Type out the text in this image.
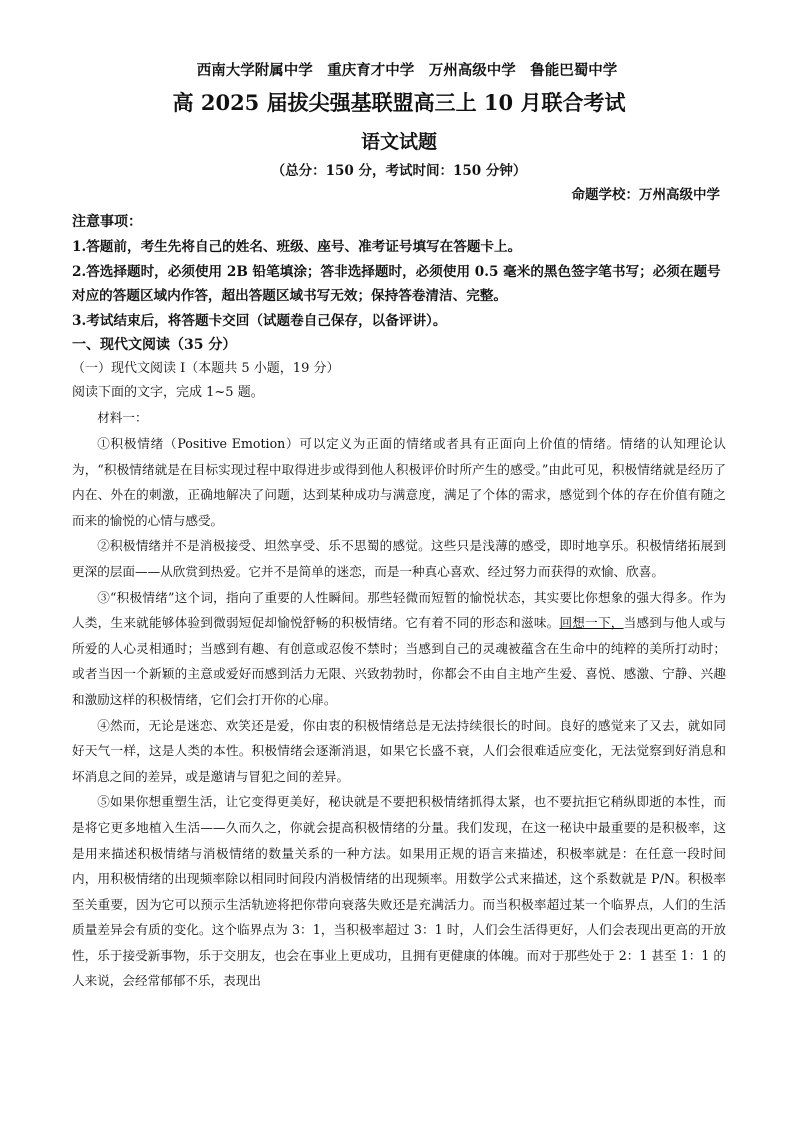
西南大学附属中学　重庆育才中学　万州高级中学　鲁能巴蜀中学
高 2025 届拔尖强基联盟高三上 10 月联合考试
语文试题
（总分：150 分，考试时间：150 分钟）
命题学校：万州高级中学
注意事项：

1.答题前，考生先将自己的姓名、班级、座号、准考证号填写在答题卡上。

2.答选择题时，必须使用 2B 铅笔填涂；答非选择题时，必须使用 0.5 毫米的黑色签字笔书写；必须在题号对应的答题区域内作答，超出答题区域书写无效；保持答卷清洁、完整。

3.考试结束后，将答题卡交回（试题卷自己保存，以备评讲）。

一、现代文阅读（35 分）

（一）现代文阅读 I（本题共 5 小题，19 分）

阅读下面的文字，完成 1~5 题。

材料一：

①积极情绪（Positive Emotion）可以定义为正面的情绪或者具有正面向上价值的情绪。情绪的认知理论认为，“积极情绪就是在目标实现过程中取得进步或得到他人积极评价时所产生的感受。”由此可见，积极情绪就是经历了内在、外在的刺激，正确地解决了问题，达到某种成功与满意度，满足了个体的需求，感觉到个体的存在价值有随之而来的愉悦的心情与感受。

②积极情绪并不是消极接受、坦然享受、乐不思蜀的感觉。这些只是浅薄的感受，即时地享乐。积极情绪拓展到更深的层面——从欣赏到热爱。它并不是简单的迷恋，而是一种真心喜欢、经过努力而获得的欢愉、欣喜。

③“积极情绪”这个词，指向了重要的人性瞬间。那些轻微而短暂的愉悦状态，其实要比你想象的强大得多。作为人类，生来就能够体验到微弱短促却愉悦舒畅的积极情绪。它有着不同的形态和滋味。回想一下，当感到与他人或与所爱的人心灵相通时；当感到有趣、有创意或忍俊不禁时；当感到自己的灵魂被蕴含在生命中的纯粹的美所打动时；或者当因一个新颖的主意或爱好而感到活力无限、兴致勃勃时，你都会不由自主地产生爱、喜悦、感激、宁静、兴趣和激励这样的积极情绪，它们会打开你的心扉。

④然而，无论是迷恋、欢笑还是爱，你由衷的积极情绪总是无法持续很长的时间。良好的感觉来了又去，就如同好天气一样，这是人类的本性。积极情绪会逐渐消退，如果它长盛不衰，人们会很难适应变化，无法觉察到好消息和坏消息之间的差异，或是邀请与冒犯之间的差异。

⑤如果你想重塑生活，让它变得更美好，秘诀就是不要把积极情绪抓得太紧，也不要抗拒它稍纵即逝的本性，而是将它更多地植入生活——久而久之，你就会提高积极情绪的分量。我们发现，在这一秘诀中最重要的是积极率，这是用来描述积极情绪与消极情绪的数量关系的一种方法。如果用正规的语言来描述，积极率就是：在任意一段时间内，用积极情绪的出现频率除以相同时间段内消极情绪的出现频率。用数学公式来描述，这个系数就是 P/N。积极率至关重要，因为它可以预示生活轨迹将把你带向衰落失败还是充满活力。而当积极率超过某一个临界点，人们的生活质量差异会有质的变化。这个临界点为 3：1，当积极率超过 3：1 时，人们会生活得更好，人们会表现出更高的开放性，乐于接受新事物，乐于交朋友，也会在事业上更成功，且拥有更健康的体魄。而对于那些处于 2：1 甚至 1：1 的人来说，会经常郁郁不乐，表现出
